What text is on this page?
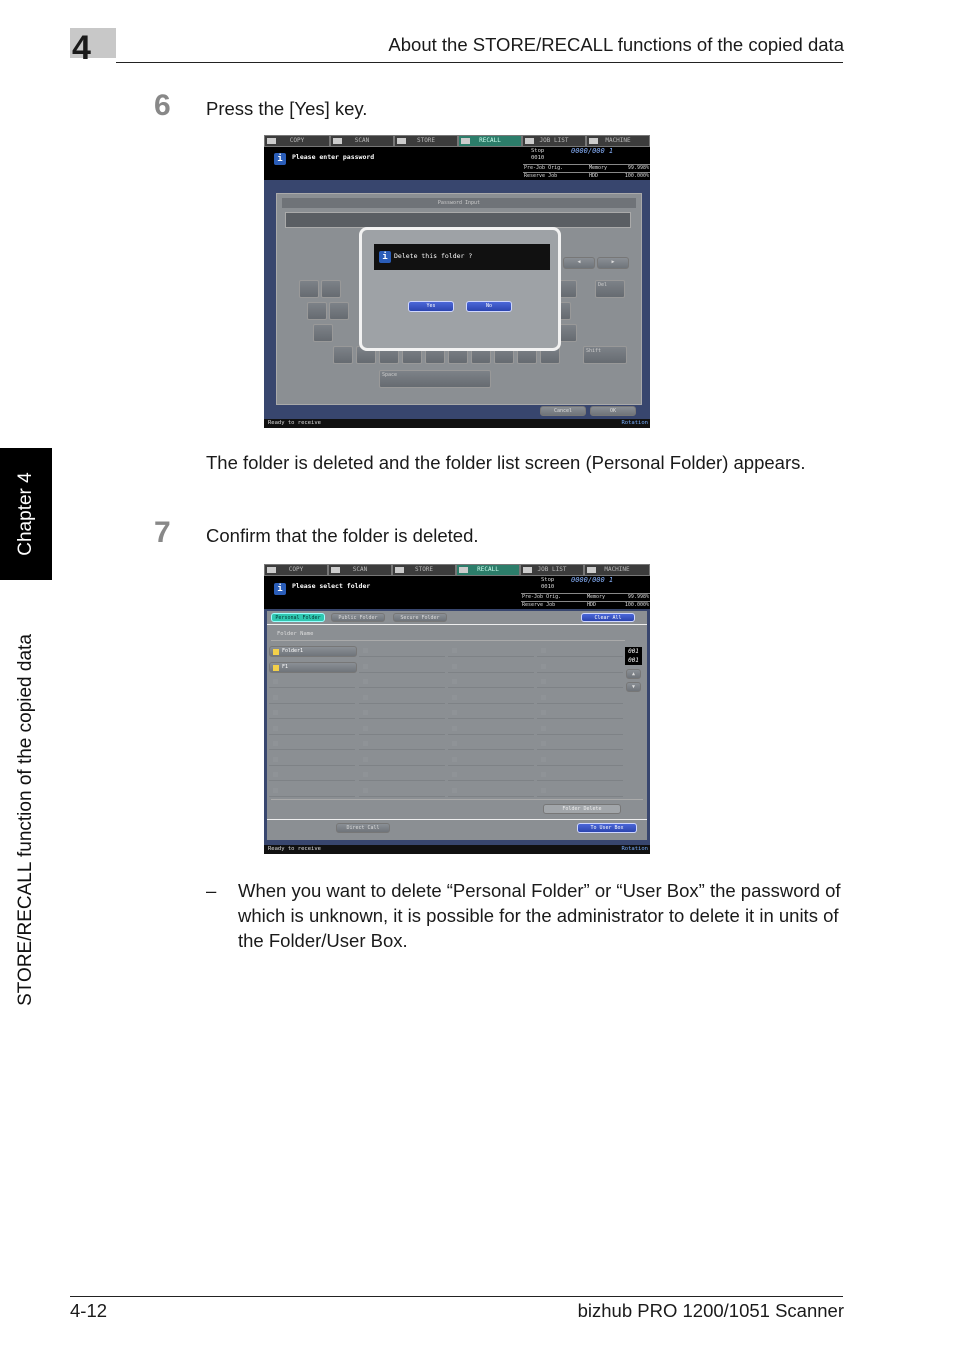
4	About the STORE/RECALL functions of the copied data
Chapter 4
STORE/RECALL function of the copied data
6 Press the [Yes] key.
COPY	SCAN	STORE	RECALL	JOB LIST	MACHINE
i	Please enter password
Stop	0000/000 1
0010
Pre-Job Orig.	Memory	99.998%
Reserve Job	HDD	100.000%
Password Input
Del
Shift
Space
◀	▶
Cancel	OK
i Delete this folder ?
Yes	No
Ready to receive	Rotation
The folder is deleted and the folder list screen (Personal Folder) appears.
7 Confirm that the folder is deleted.
COPY	SCAN	STORE	RECALL	JOB LIST	MACHINE
i	Please select folder
Stop 0000/000 1
0010
Pre-Job Orig.	Memory	99.998%
Reserve Job	HDD	100.000%
Personal Folder	Public Folder	Secure Folder	Clear All
Folder Name
Folder1
F1
001
001
▲
▼
Folder Delete
Direct Call	To User Box
Ready to receive	Rotation
– When you want to delete “Personal Folder” or “User Box” the password of which is unknown, it is possible for the administrator to delete it in units of the Folder/User Box.
4-12	bizhub PRO 1200/1051 Scanner
